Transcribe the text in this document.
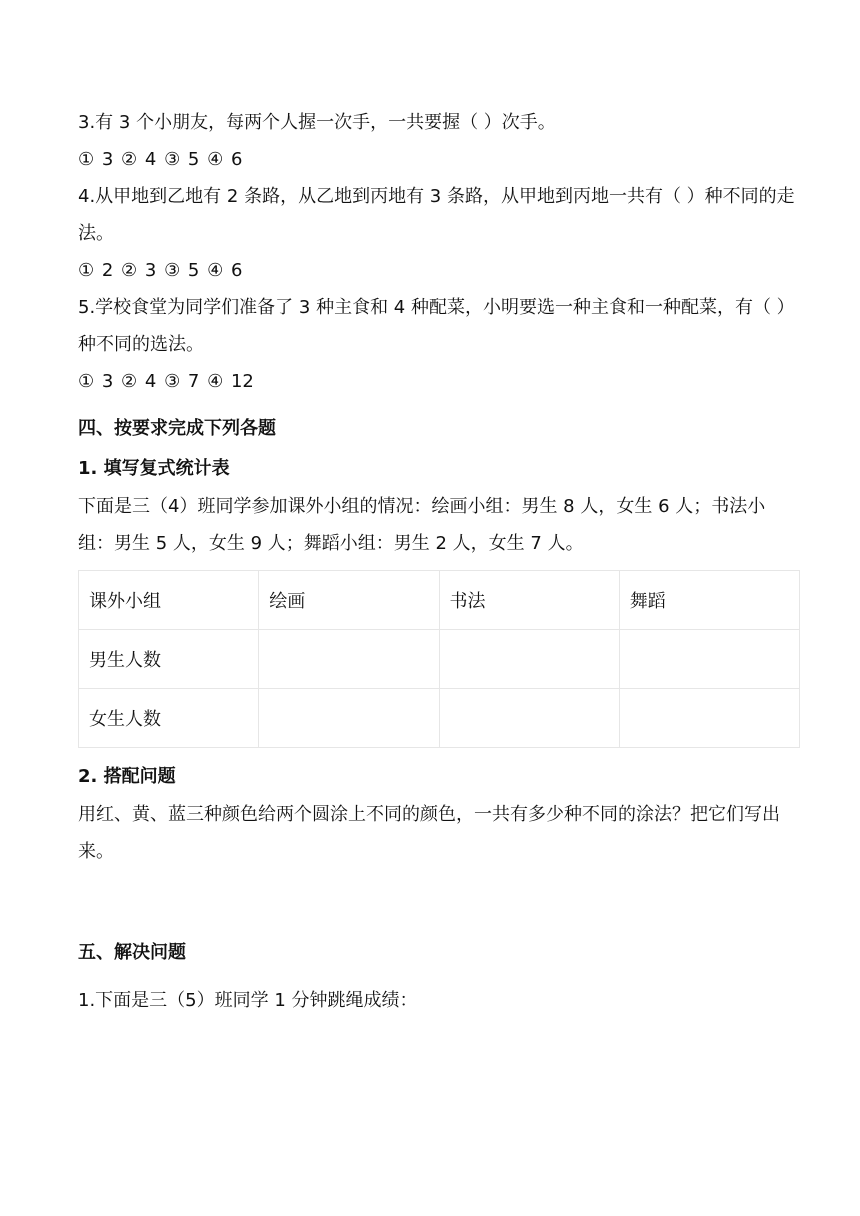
3.有 3 个小朋友，每两个人握一次手，一共要握（ ）次手。
① 3 ② 4 ③ 5 ④ 6
4.从甲地到乙地有 2 条路，从乙地到丙地有 3 条路，从甲地到丙地一共有（ ）种不同的走法。
① 2 ② 3 ③ 5 ④ 6
5.学校食堂为同学们准备了 3 种主食和 4 种配菜，小明要选一种主食和一种配菜，有（ ）种不同的选法。
① 3 ② 4 ③ 7 ④ 12
四、按要求完成下列各题
1. 填写复式统计表
下面是三（4）班同学参加课外小组的情况：绘画小组：男生 8 人，女生 6 人；书法小组：男生 5 人，女生 9 人；舞蹈小组：男生 2 人，女生 7 人。
课外小组	绘画	书法	舞蹈
男生人数			
女生人数			
2. 搭配问题
用红、黄、蓝三种颜色给两个圆涂上不同的颜色，一共有多少种不同的涂法？把它们写出来。
五、解决问题
1.下面是三（5）班同学 1 分钟跳绳成绩：
